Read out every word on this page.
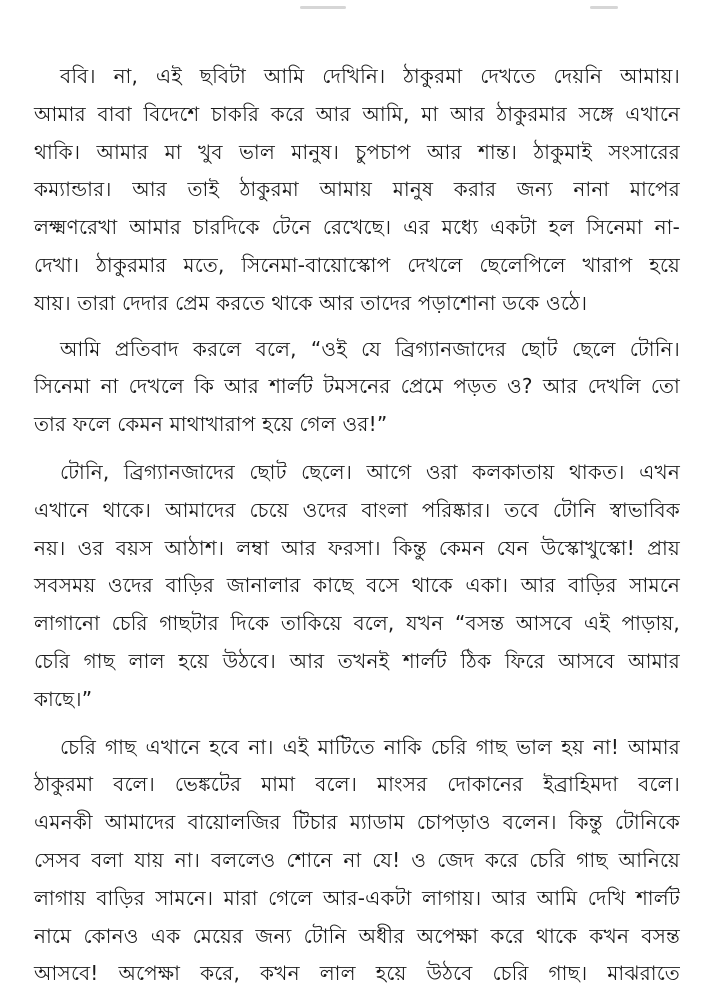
ববি। না, এই ছবিটা আমি দেখিনি। ঠাকুরমা দেখতে দেয়নি আমায়।
আমার বাবা বিদেশে চাকরি করে আর আমি, মা আর ঠাকুরমার সঙ্গে এখানে
থাকি। আমার মা খুব ভাল মানুষ। চুপচাপ আর শান্ত। ঠাকুমাই সংসারের
কম্যান্ডার। আর তাই ঠাকুরমা আমায় মানুষ করার জন্য নানা মাপের
লক্ষ্মণরেখা আমার চারদিকে টেনে রেখেছে। এর মধ্যে একটা হল সিনেমা না-
দেখা। ঠাকুরমার মতে, সিনেমা-বায়োস্কোপ দেখলে ছেলেপিলে খারাপ হয়ে
যায়। তারা দেদার প্রেম করতে থাকে আর তাদের পড়াশোনা ডকে ওঠে।

আমি প্রতিবাদ করলে বলে, “ওই যে ব্রিগ্যানজাদের ছোট ছেলে টোনি।
সিনেমা না দেখলে কি আর শার্লট টমসনের প্রেমে পড়ত ও? আর দেখলি তো
তার ফলে কেমন মাথাখারাপ হয়ে গেল ওর!”

টোনি, ব্রিগ্যানজাদের ছোট ছেলে। আগে ওরা কলকাতায় থাকত। এখন
এখানে থাকে। আমাদের চেয়ে ওদের বাংলা পরিষ্কার। তবে টোনি স্বাভাবিক
নয়। ওর বয়স আঠাশ। লম্বা আর ফরসা। কিন্তু কেমন যেন উস্কোখুস্কো! প্রায়
সবসময় ওদের বাড়ির জানালার কাছে বসে থাকে একা। আর বাড়ির সামনে
লাগানো চেরি গাছটার দিকে তাকিয়ে বলে, যখন “বসন্ত আসবে এই পাড়ায়,
চেরি গাছ লাল হয়ে উঠবে। আর তখনই শার্লট ঠিক ফিরে আসবে আমার
কাছে।”

চেরি গাছ এখানে হবে না। এই মাটিতে নাকি চেরি গাছ ভাল হয় না! আমার
ঠাকুরমা বলে। ভেঙ্কটের মামা বলে। মাংসর দোকানের ইব্রাহিমদা বলে।
এমনকী আমাদের বায়োলজির টিচার ম্যাডাম চোপড়াও বলেন। কিন্তু টোনিকে
সেসব বলা যায় না। বললেও শোনে না যে! ও জেদ করে চেরি গাছ আনিয়ে
লাগায় বাড়ির সামনে। মারা গেলে আর-একটা লাগায়। আর আমি দেখি শার্লট
নামে কোনও এক মেয়ের জন্য টোনি অধীর অপেক্ষা করে থাকে কখন বসন্ত
আসবে! অপেক্ষা করে, কখন লাল হয়ে উঠবে চেরি গাছ। মাঝরাতে
